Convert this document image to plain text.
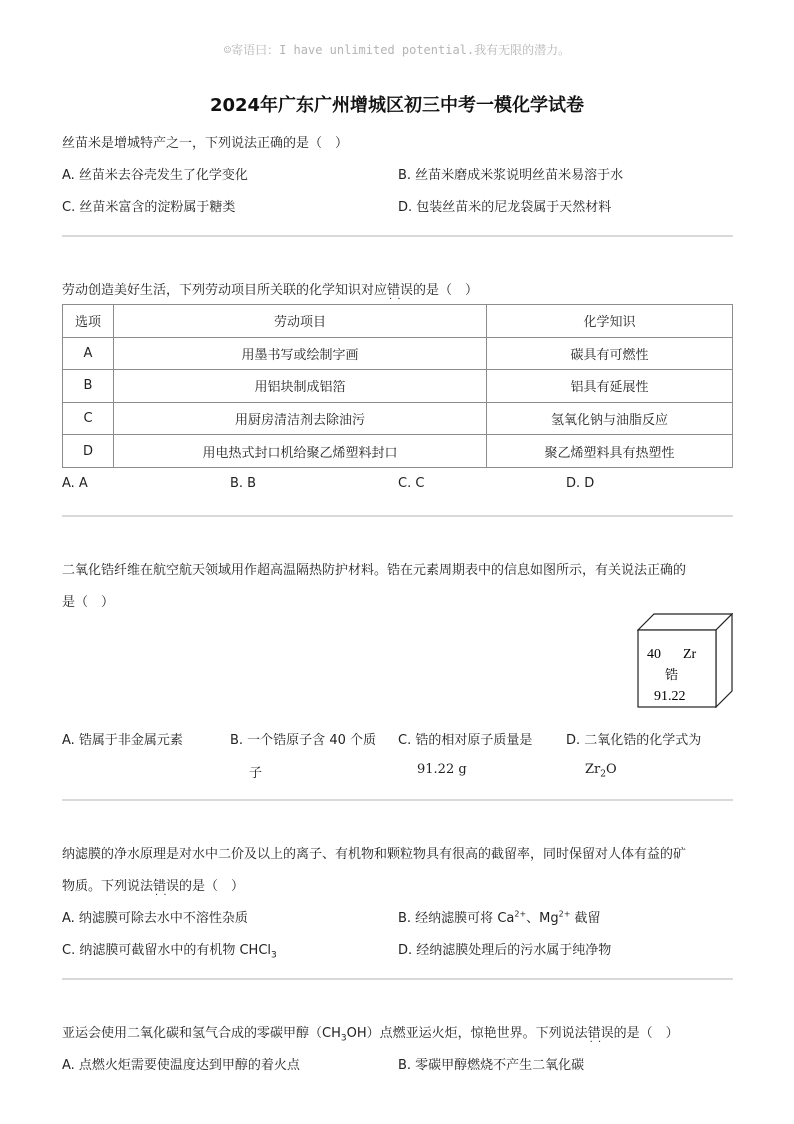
☺寄语曰：I have unlimited potential.我有无限的潜力。
2024年广东广州增城区初三中考一模化学试卷
丝苗米是增城特产之一，下列说法正确的是（　）
A. 丝苗米去谷壳发生了化学变化	B. 丝苗米磨成米浆说明丝苗米易溶于水
C. 丝苗米富含的淀粉属于糖类	D. 包装丝苗米的尼龙袋属于天然材料
劳动创造美好生活，下列劳动项目所关联的化学知识对应错误 · ·的是（　）
选项	劳动项目	化学知识
A	用墨书写或绘制字画	碳具有可燃性
B	用铝块制成铝箔	铝具有延展性
C	用厨房清洁剂去除油污	氢氧化钠与油脂反应
D	用电热式封口机给聚乙烯塑料封口	聚乙烯塑料具有热塑性
A. A	B. B	C. C	D. D
二氧化锆纤维在航空航天领域用作超高温隔热防护材料。锆在元素周期表中的信息如图所示，有关说法正确的
是（　）
40 Zr
锆
91.22
A. 锆属于非金属元素	B. 一个锆原子含 40 个质
子
C. 锆的相对原子质量是
91.22 g
D. 二氧化锆的化学式为
$Zr_2O$
纳滤膜的净水原理是对水中二价及以上的离子、有机物和颗粒物具有很高的截留率，同时保留对人体有益的矿
物质。下列说法错误 · ·的是（　）
A. 纳滤膜可除去水中不溶性杂质	B. 经纳滤膜可将 $Ca^{2+}$、$Mg^{2+}$ 截留
C. 纳滤膜可截留水中的有机物 CHCl$_3$	D. 经纳滤膜处理后的污水属于纯净物
亚运会使用二氧化碳和氢气合成的零碳甲醇$(CH_3OH)$点燃亚运火炬，惊艳世界。下列说法错误 · ·的是（　）
A. 点燃火炬需要使温度达到甲醇的着火点	B. 零碳甲醇燃烧不产生二氧化碳
